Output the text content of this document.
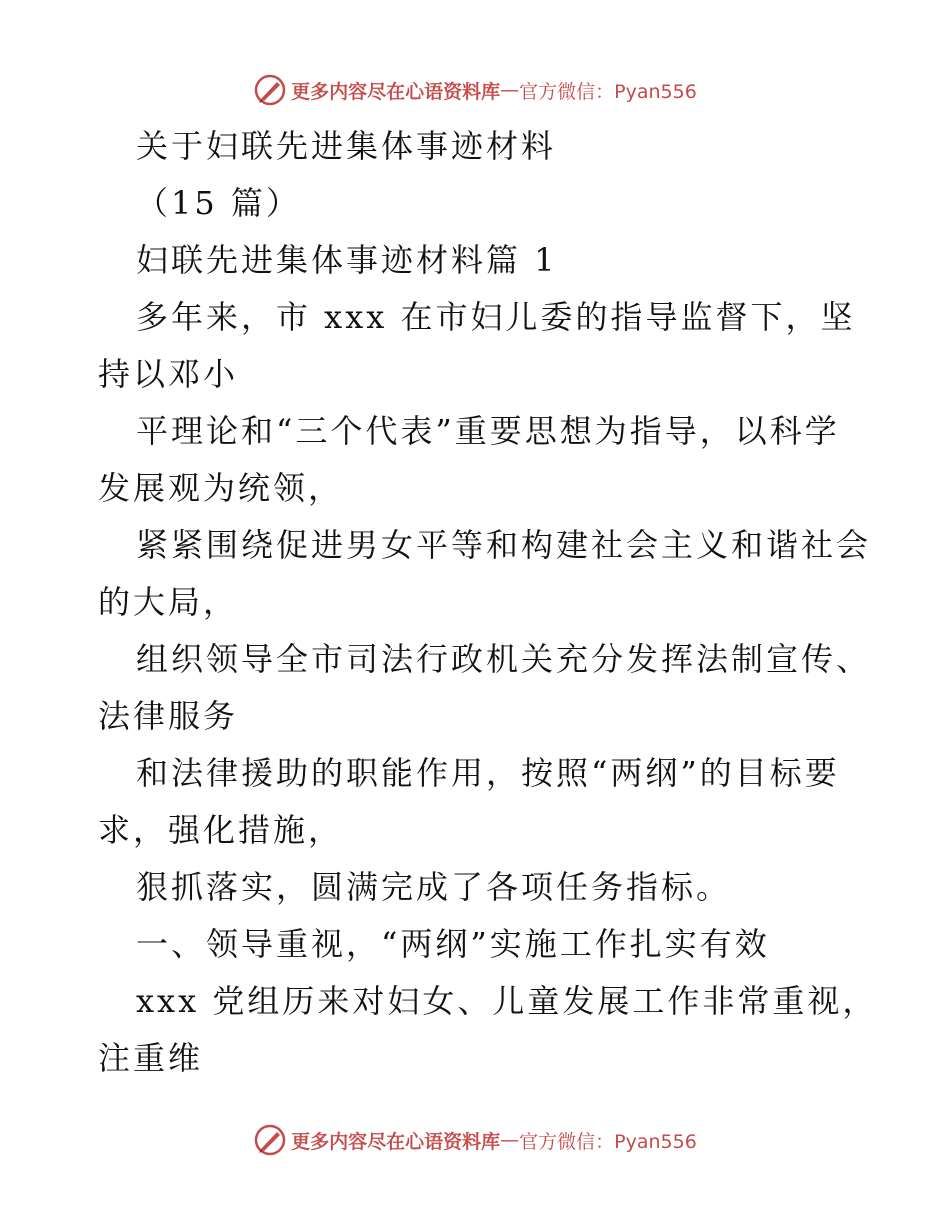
更多内容尽在心语资料库 — 官方微信：Pyan556
关于妇联先进集体事迹材料
（15 篇）
妇联先进集体事迹材料篇 1
多年来，市 xxx 在市妇儿委的指导监督下，坚
持以邓小
平理论和“三个代表”重要思想为指导，以科学
发展观为统领，
紧紧围绕促进男女平等和构建社会主义和谐社会
的大局，
组织领导全市司法行政机关充分发挥法制宣传、
法律服务
和法律援助的职能作用，按照“两纲”的目标要
求，强化措施，
狠抓落实，圆满完成了各项任务指标。
一、领导重视，“两纲”实施工作扎实有效
xxx 党组历来对妇女、儿童发展工作非常重视，
注重维
更多内容尽在心语资料库 — 官方微信：Pyan556
